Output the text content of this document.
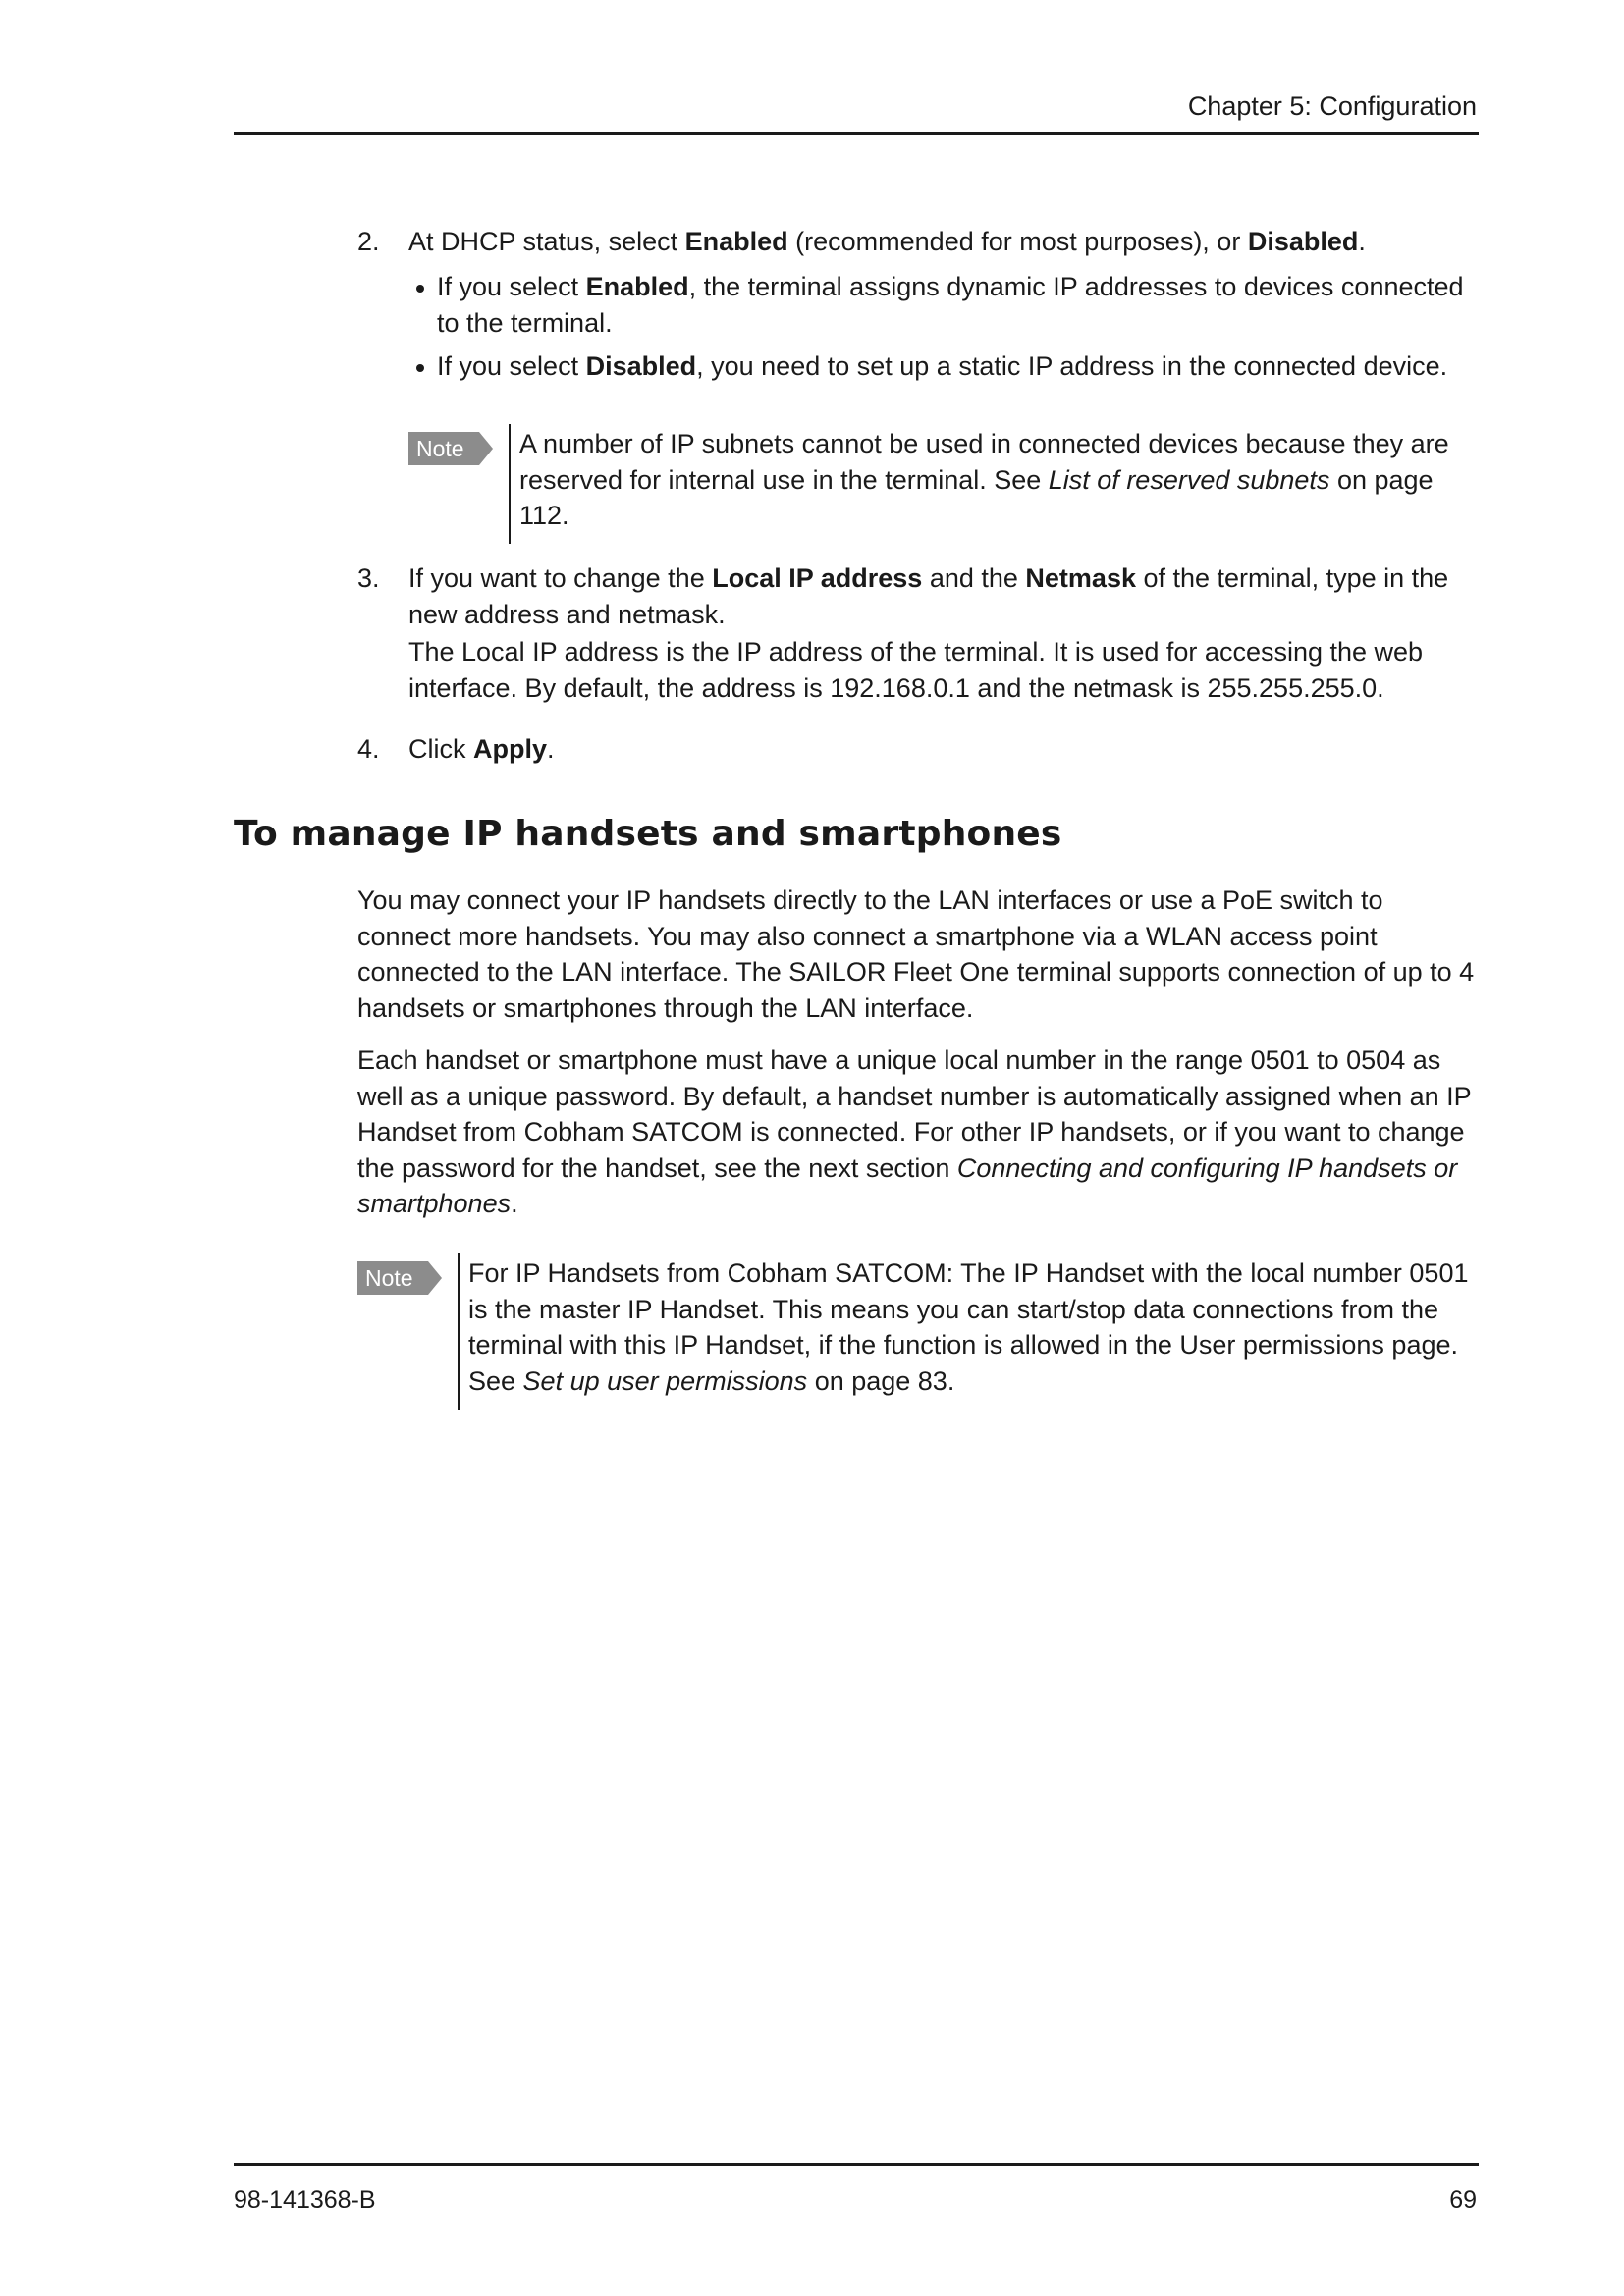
Chapter 5: Configuration
2. At DHCP status, select Enabled (recommended for most purposes), or Disabled.
If you select Enabled, the terminal assigns dynamic IP addresses to devices connected to the terminal.
If you select Disabled, you need to set up a static IP address in the connected device.
Note A number of IP subnets cannot be used in connected devices because they are reserved for internal use in the terminal. See List of reserved subnets on page 112.
3. If you want to change the Local IP address and the Netmask of the terminal, type in the new address and netmask.
The Local IP address is the IP address of the terminal. It is used for accessing the web interface. By default, the address is 192.168.0.1 and the netmask is 255.255.255.0.
4. Click Apply.
To manage IP handsets and smartphones
You may connect your IP handsets directly to the LAN interfaces or use a PoE switch to connect more handsets. You may also connect a smartphone via a WLAN access point connected to the LAN interface. The SAILOR Fleet One terminal supports connection of up to 4 handsets or smartphones through the LAN interface.
Each handset or smartphone must have a unique local number in the range 0501 to 0504 as well as a unique password. By default, a handset number is automatically assigned when an IP Handset from Cobham SATCOM is connected. For other IP handsets, or if you want to change the password for the handset, see the next section Connecting and configuring IP handsets or smartphones.
Note For IP Handsets from Cobham SATCOM: The IP Handset with the local number 0501 is the master IP Handset. This means you can start/stop data connections from the terminal with this IP Handset, if the function is allowed in the User permissions page. See Set up user permissions on page 83.
98-141368-B	69
